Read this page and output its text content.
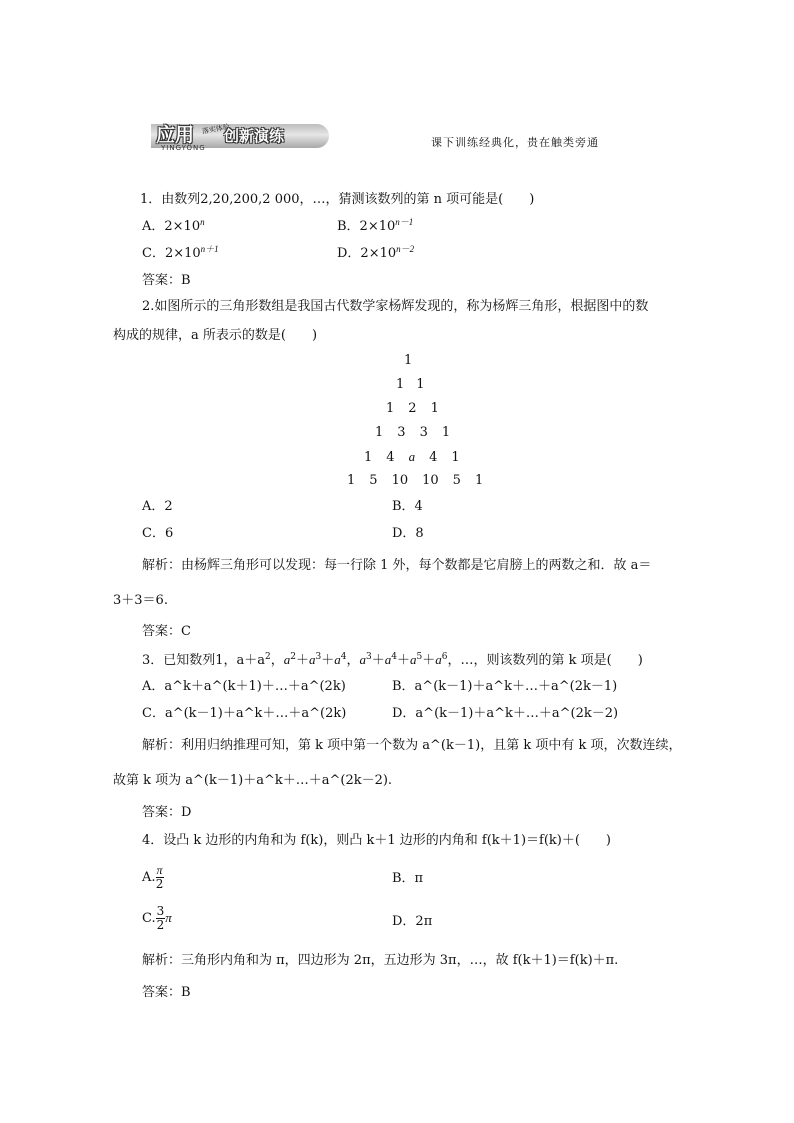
应用 落实体验
创新演练
YINGYONG	课下训练经典化，贵在触类旁通
1．由数列2,20,200,2 000，…，猜测该数列的第 n 项可能是(　　)
A．$2\times 10^n$	B．$2\times 10^{n-1}$
C．$2\times 10^{n+1}$	D．$2\times 10^{n-2}$
答案：B
2.如图所示的三角形数组是我国古代数学家杨辉发现的，称为杨辉三角形，根据图中的数
构成的规律，a 所表示的数是(　　)
1
1 1
1 2 1
1 3 3 1
1 4 a 4 1
1 5 10 10 5 1
A．2	B．4
C．6	D．8
解析：由杨辉三角形可以发现：每一行除 1 外，每个数都是它肩膀上的两数之和．故 a＝
3＋3＝6.
答案：C
3．已知数列1，$a+a^2$，$a^2+a^3+a^4$，$a^3+a^4+a^5+a^6$，…，则该数列的第 k 项是(　　)
A．a^k＋a^(k＋1)＋…＋a^(2k)	B．a^(k－1)＋a^k＋…＋a^(2k－1)
C．a^(k－1)＋a^k＋…＋a^(2k)	D．a^(k－1)＋a^k＋…＋a^(2k－2)
解析：利用归纳推理可知，第 k 项中第一个数为 a^(k－1)，且第 k 项中有 k 项，次数连续，
故第 k 项为 a^(k－1)＋a^k＋…＋a^(2k－2).
答案：D
4．设凸 k 边形的内角和为 f(k)，则凸 k＋1 边形的内角和 f(k＋1)＝f(k)＋(　　)
A. $\frac{\pi}{2}$	B．π
C. $\frac{3}{2}$ π	D．2π
解析：三角形内角和为 π，四边形为 2π，五边形为 3π，…，故 f(k＋1)＝f(k)＋π.
答案：B
